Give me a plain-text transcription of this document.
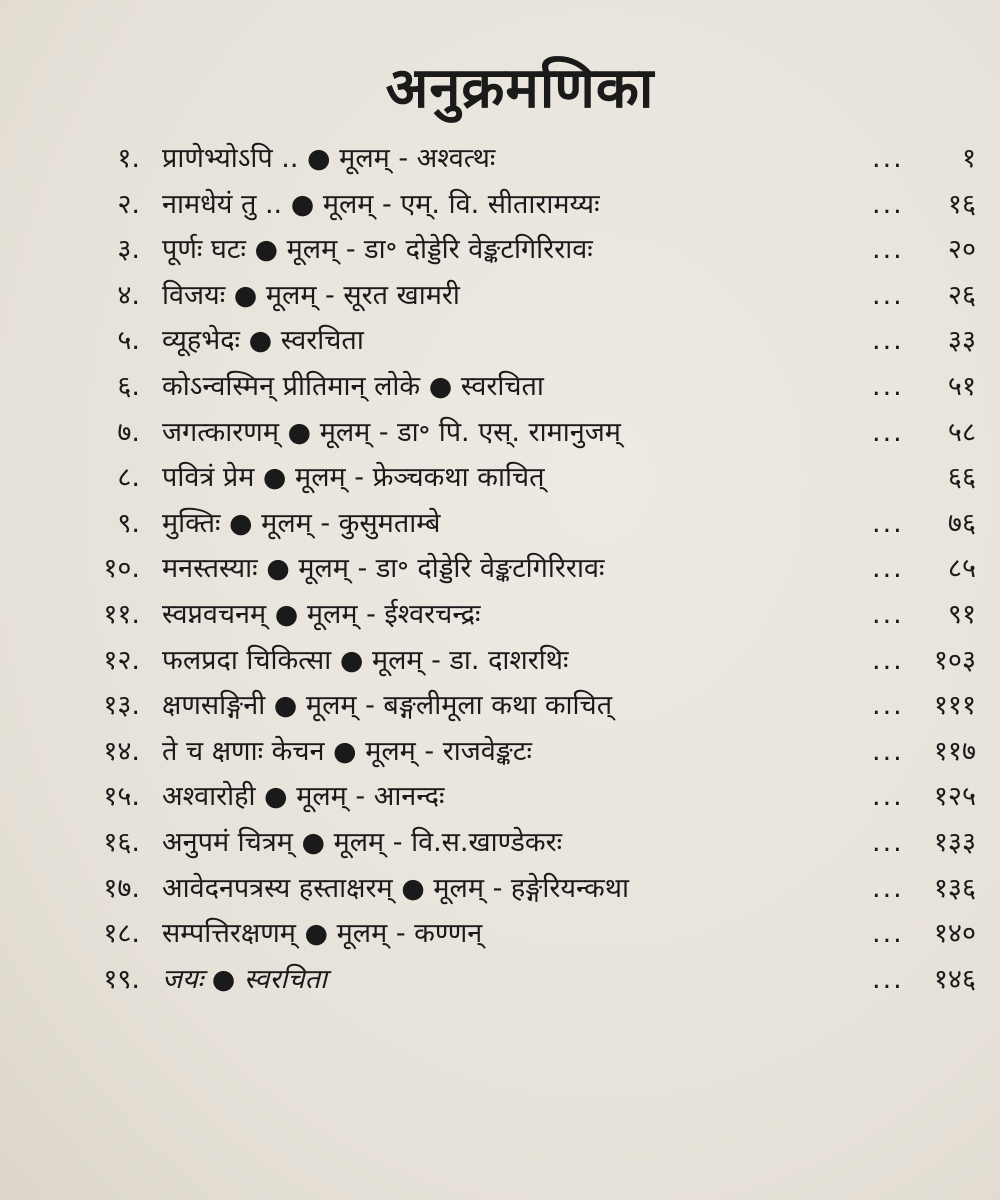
अनुक्रमणिका
१. प्राणेभ्योऽपि .. ● मूलम् - अश्वत्थः	... १
२. नामधेयं तु .. ● मूलम् - एम्. वि. सीतारामय्यः	... १६
३. पूर्णः घटः ● मूलम् - डा॰ दोड्डेरि वेङ्कटगिरिरावः	... २०
४. विजयः ● मूलम् - सूरत खामरी	... २६
५. व्यूहभेदः ● स्वरचिता	... ३३
६. कोऽन्वस्मिन् प्रीतिमान् लोके ● स्वरचिता	... ५१
७. जगत्कारणम् ● मूलम् - डा॰ पि. एस्. रामानुजम्	... ५८
८. पवित्रं प्रेम ● मूलम् - फ्रेञ्चकथा काचित्	६६
९. मुक्तिः ● मूलम् - कुसुमताम्बे	... ७६
१०. मनस्तस्याः ● मूलम् - डा॰ दोड्डेरि वेङ्कटगिरिरावः	... ८५
११. स्वप्नवचनम् ● मूलम् - ईश्वरचन्द्रः	... ९१
१२. फलप्रदा चिकित्सा ● मूलम् - डा. दाशरथिः	... १०३
१३. क्षणसङ्गिनी ● मूलम् - बङ्गलीमूला कथा काचित्	... १११
१४. ते च क्षणाः केचन ● मूलम् - राजवेङ्कटः	... ११७
१५. अश्वारोही ● मूलम् - आनन्दः	... १२५
१६. अनुपमं चित्रम् ● मूलम् - वि.स.खाण्डेकरः	... १३३
१७. आवेदनपत्रस्य हस्ताक्षरम् ● मूलम् - हङ्गेरियन्कथा	... १३६
१८. सम्पत्तिरक्षणम् ● मूलम् - कण्णन्	... १४०
१९. जयः ● स्वरचिता	... १४६
